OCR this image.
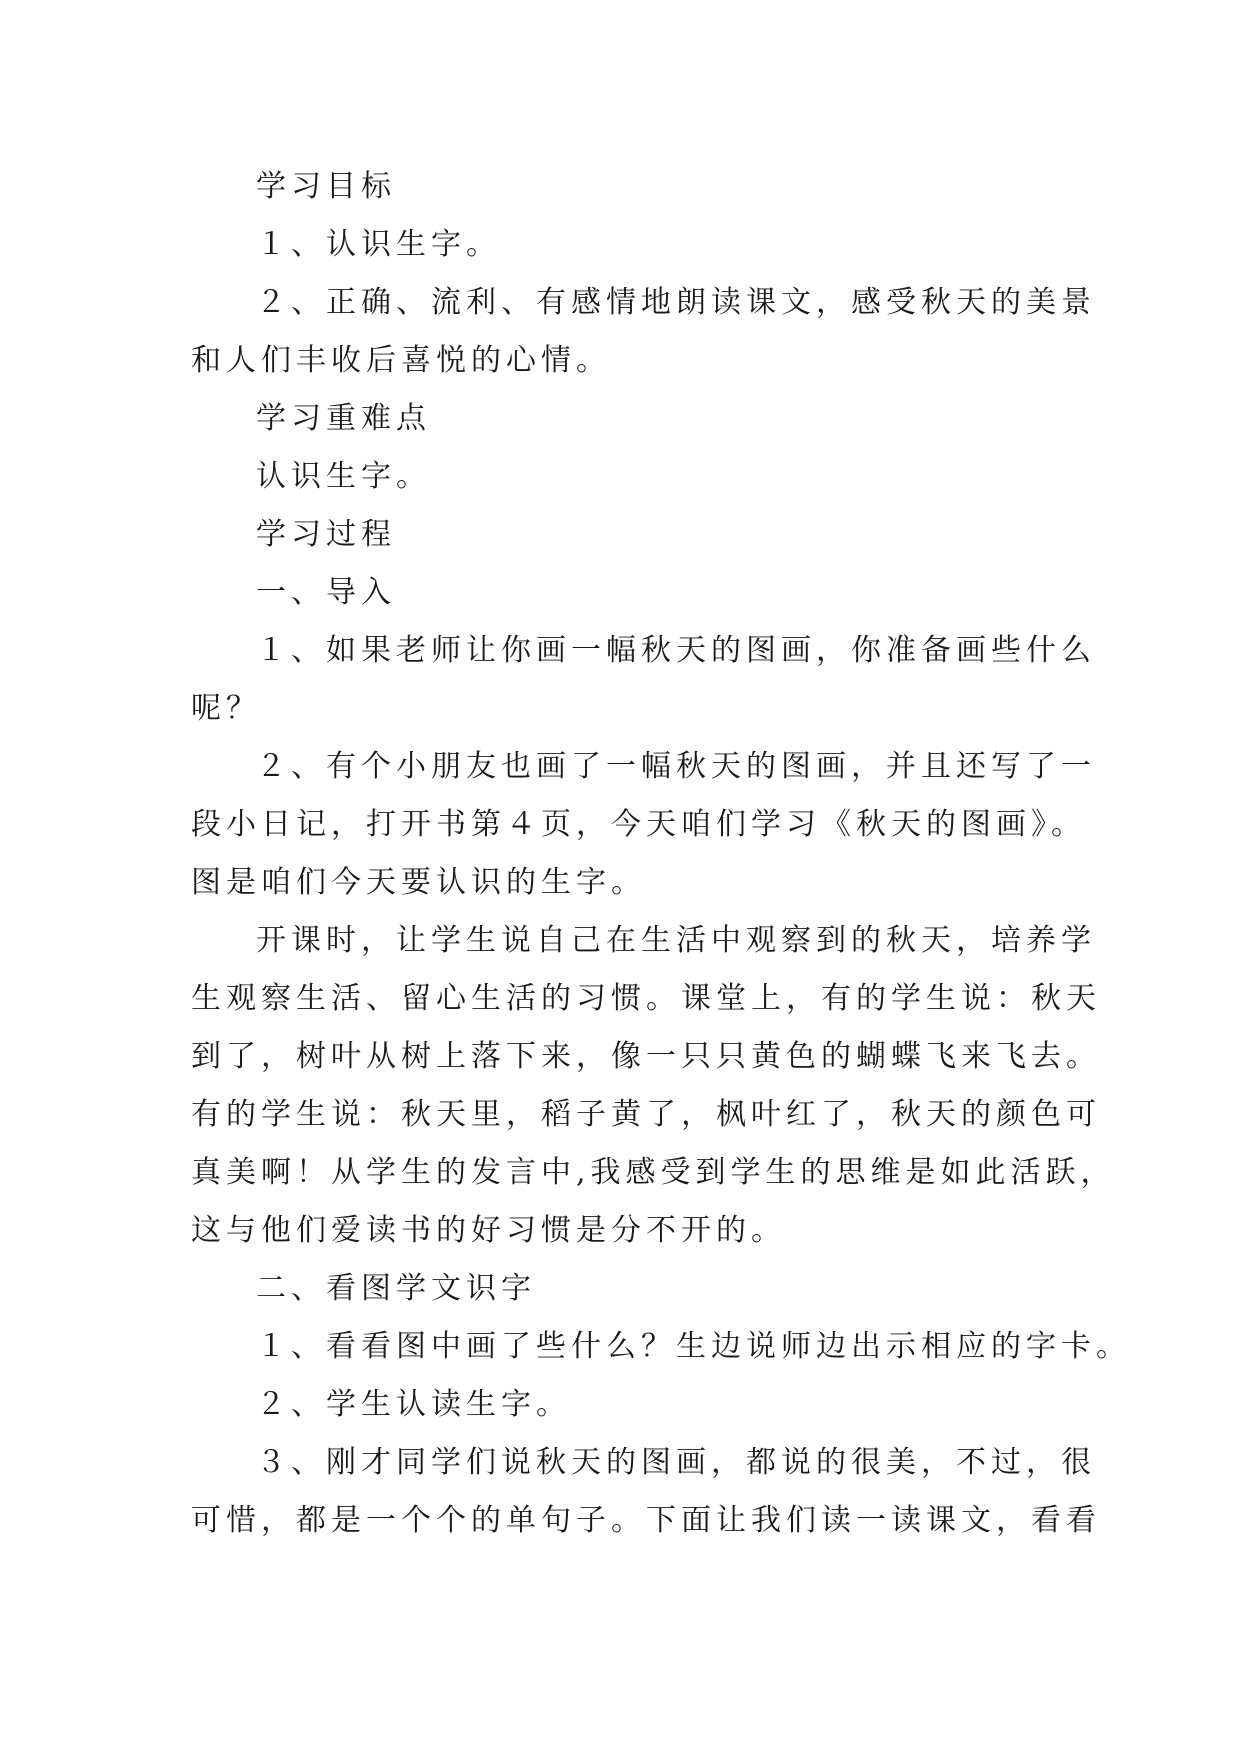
学习目标

１、认识生字。

２、正确、流利、有感情地朗读课文，感受秋天的美景

和人们丰收后喜悦的心情。

学习重难点

认识生字。

学习过程

一、导入

１、如果老师让你画一幅秋天的图画，你准备画些什么

呢？

２、有个小朋友也画了一幅秋天的图画，并且还写了一

段小日记，打开书第４页，今天咱们学习《秋天的图画》。

图是咱们今天要认识的生字。

开课时，让学生说自己在生活中观察到的秋天，培养学

生观察生活、留心生活的习惯。课堂上，有的学生说：秋天

到了，树叶从树上落下来，像一只只黄色的蝴蝶飞来飞去。

有的学生说：秋天里，稻子黄了，枫叶红了，秋天的颜色可

真美啊！从学生的发言中,我感受到学生的思维是如此活跃，

这与他们爱读书的好习惯是分不开的。

二、看图学文识字

１、看看图中画了些什么？生边说师边出示相应的字卡。

２、学生认读生字。

３、刚才同学们说秋天的图画，都说的很美，不过，很

可惜，都是一个个的单句子。下面让我们读一读课文，看看
